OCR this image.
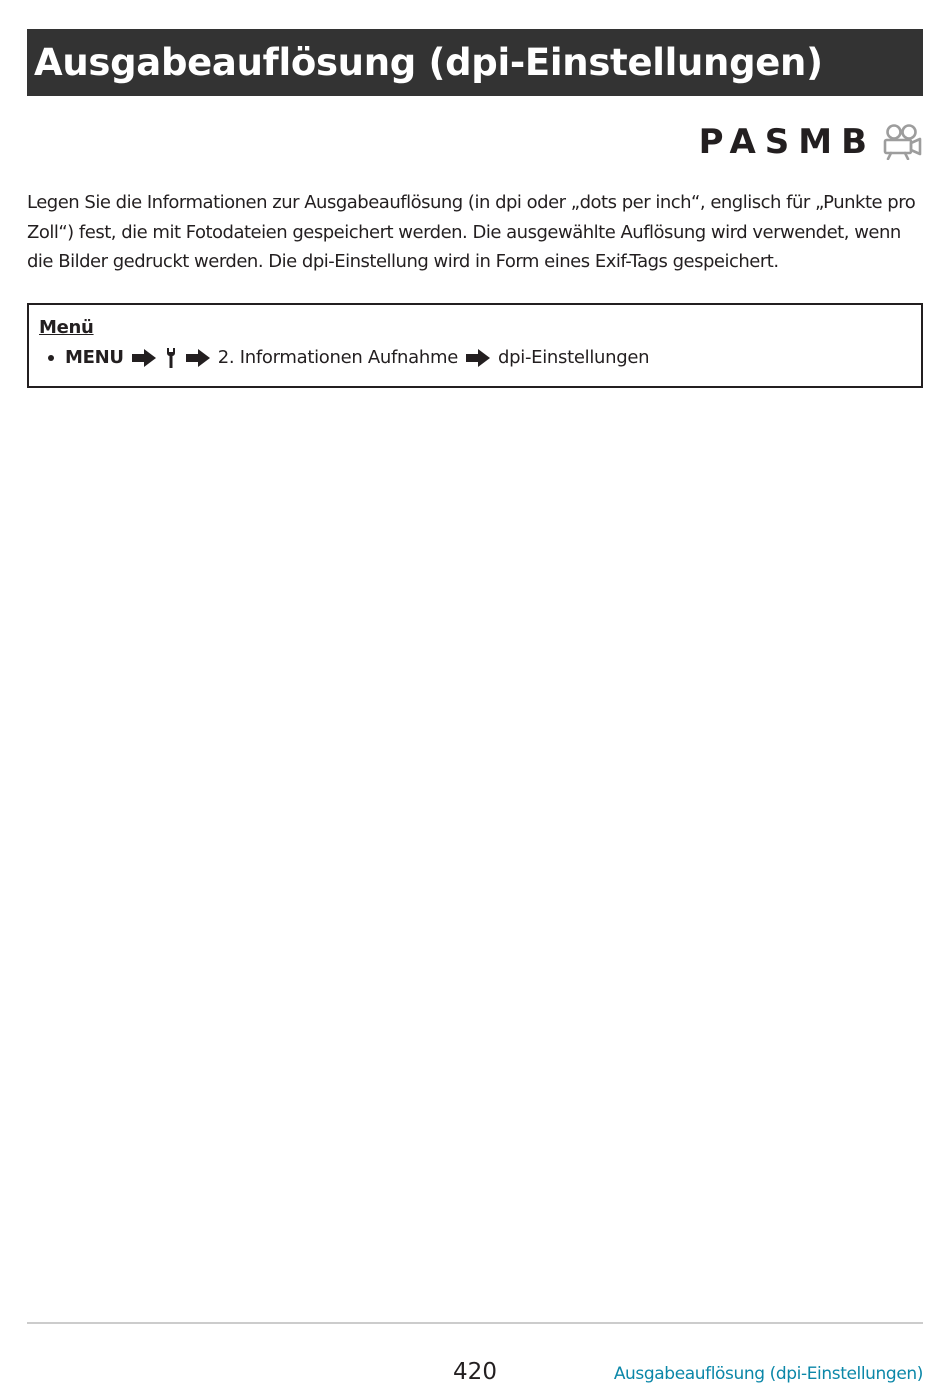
Ausgabeauflösung (dpi-Einstellungen)
PASMB

Legen Sie die Informationen zur Ausgabeauflösung (in dpi oder „dots per inch“, englisch für „Punkte pro Zoll“) fest, die mit Fotodateien gespeichert werden. Die ausgewählte Auflösung wird verwendet, wenn die Bilder gedruckt werden. Die dpi-Einstellung wird in Form eines Exif-Tags gespeichert.

Menü
MENU	2. Informationen Aufnahme dpi-Einstellungen
420	Ausgabeauflösung (dpi-Einstellungen)
